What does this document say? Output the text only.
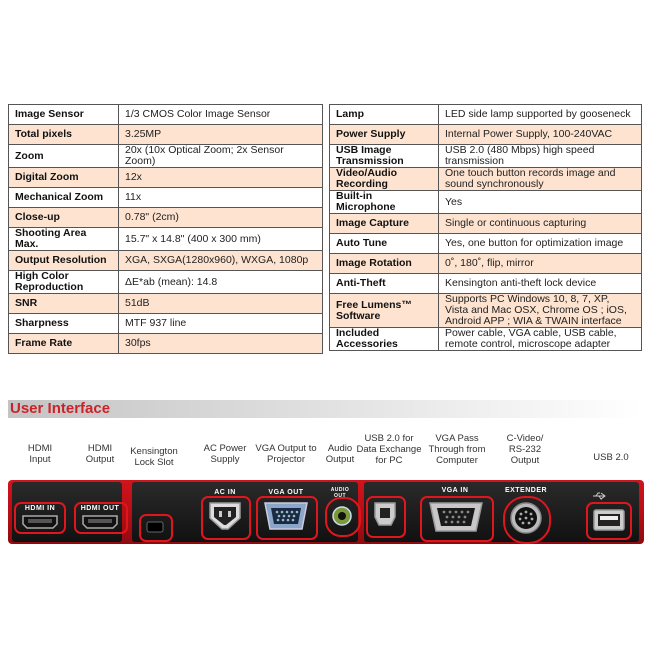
Image Sensor	1/3 CMOS Color Image Sensor
Total pixels	3.25MP
Zoom	20x (10x Optical Zoom; 2x Sensor Zoom)
Digital Zoom	12x
Mechanical Zoom	11x
Close-up	0.78" (2cm)
Shooting Area Max.	15.7" x 14.8" (400 x 300 mm)
Output Resolution	XGA, SXGA(1280x960), WXGA, 1080p
High Color Reproduction	ΔE*ab (mean): 14.8
SNR	51dB
Sharpness	MTF 937 line
Frame Rate	30fps
Lamp	LED side lamp supported by gooseneck
Power Supply	Internal Power Supply, 100-240VAC
USB Image Transmission	USB 2.0 (480 Mbps) high speed transmission
Video/Audio Recording	One touch button records image and sound synchronously
Built-in Microphone	Yes
Image Capture	Single or continuous capturing
Auto Tune	Yes, one button for optimization image
Image Rotation	0˚, 180˚, flip, mirror
Anti-Theft	Kensington anti-theft lock device
Free Lumens™ Software	Supports PC Windows 10, 8, 7, XP, Vista and Mac OSX, Chrome OS ; iOS, Android APP ; WIA & TWAIN interface
Included Accessories	Power cable, VGA cable, USB cable, remote control, microscope adapter
User Interface
HDMI Input
HDMI Output
Kensington Lock Slot
AC Power Supply
VGA Output to Projector
Audio Output
USB 2.0 for Data Exchange for PC
VGA Pass Through from Computer
C-Video/ RS-232 Output	USB 2.0
HDMI IN	HDMI OUT
AC IN	VGA OUT	AUDIO OUT
VGA IN	EXTENDER
